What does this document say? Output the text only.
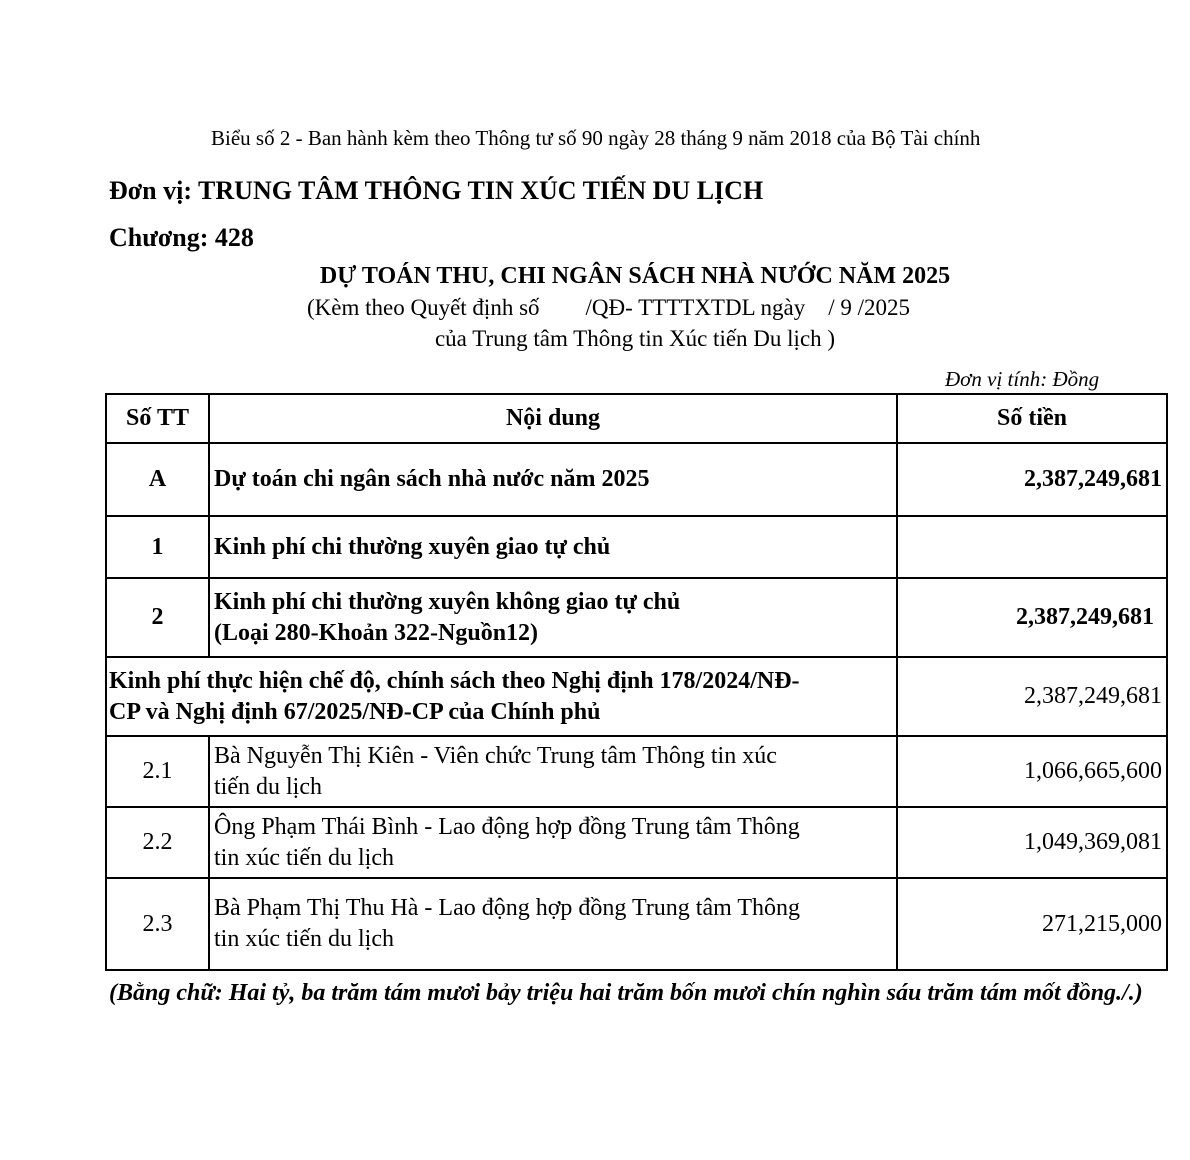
Biểu số 2 - Ban hành kèm theo Thông tư số 90 ngày 28 tháng 9 năm 2018 của Bộ Tài chính
Đơn vị: TRUNG TÂM THÔNG TIN XÚC TIẾN DU LỊCH
Chương: 428
DỰ TOÁN THU, CHI NGÂN SÁCH NHÀ NƯỚC NĂM 2025
(Kèm theo Quyết định số        /QĐ- TTTTXTDL ngày    / 9 /2025
của Trung tâm Thông tin Xúc tiến Du lịch )
Đơn vị tính: Đồng
Số TT	Nội dung	Số tiền
A	Dự toán chi ngân sách nhà nước năm 2025	2,387,249,681
1	Kinh phí chi thường xuyên giao tự chủ	
2	Kinh phí chi thường xuyên không giao tự chủ
(Loại 280-Khoản 322-Nguồn12)	2,387,249,681

Kinh phí thực hiện chế độ, chính sách theo Nghị định 178/2024/NĐ-
CP và Nghị định 67/2025/NĐ-CP của Chính phủ		2,387,249,681
2.1	Bà Nguyễn Thị Kiên - Viên chức Trung tâm Thông tin xúc
tiến du lịch	1,066,665,600
2.2	Ông Phạm Thái Bình - Lao động hợp đồng Trung tâm Thông
tin xúc tiến du lịch	1,049,369,081
2.3	Bà Phạm Thị Thu Hà - Lao động hợp đồng Trung tâm Thông
tin xúc tiến du lịch	271,215,000
(Bằng chữ: Hai tỷ, ba trăm tám mươi bảy triệu hai trăm bốn mươi chín nghìn sáu trăm tám mốt đồng./.)
